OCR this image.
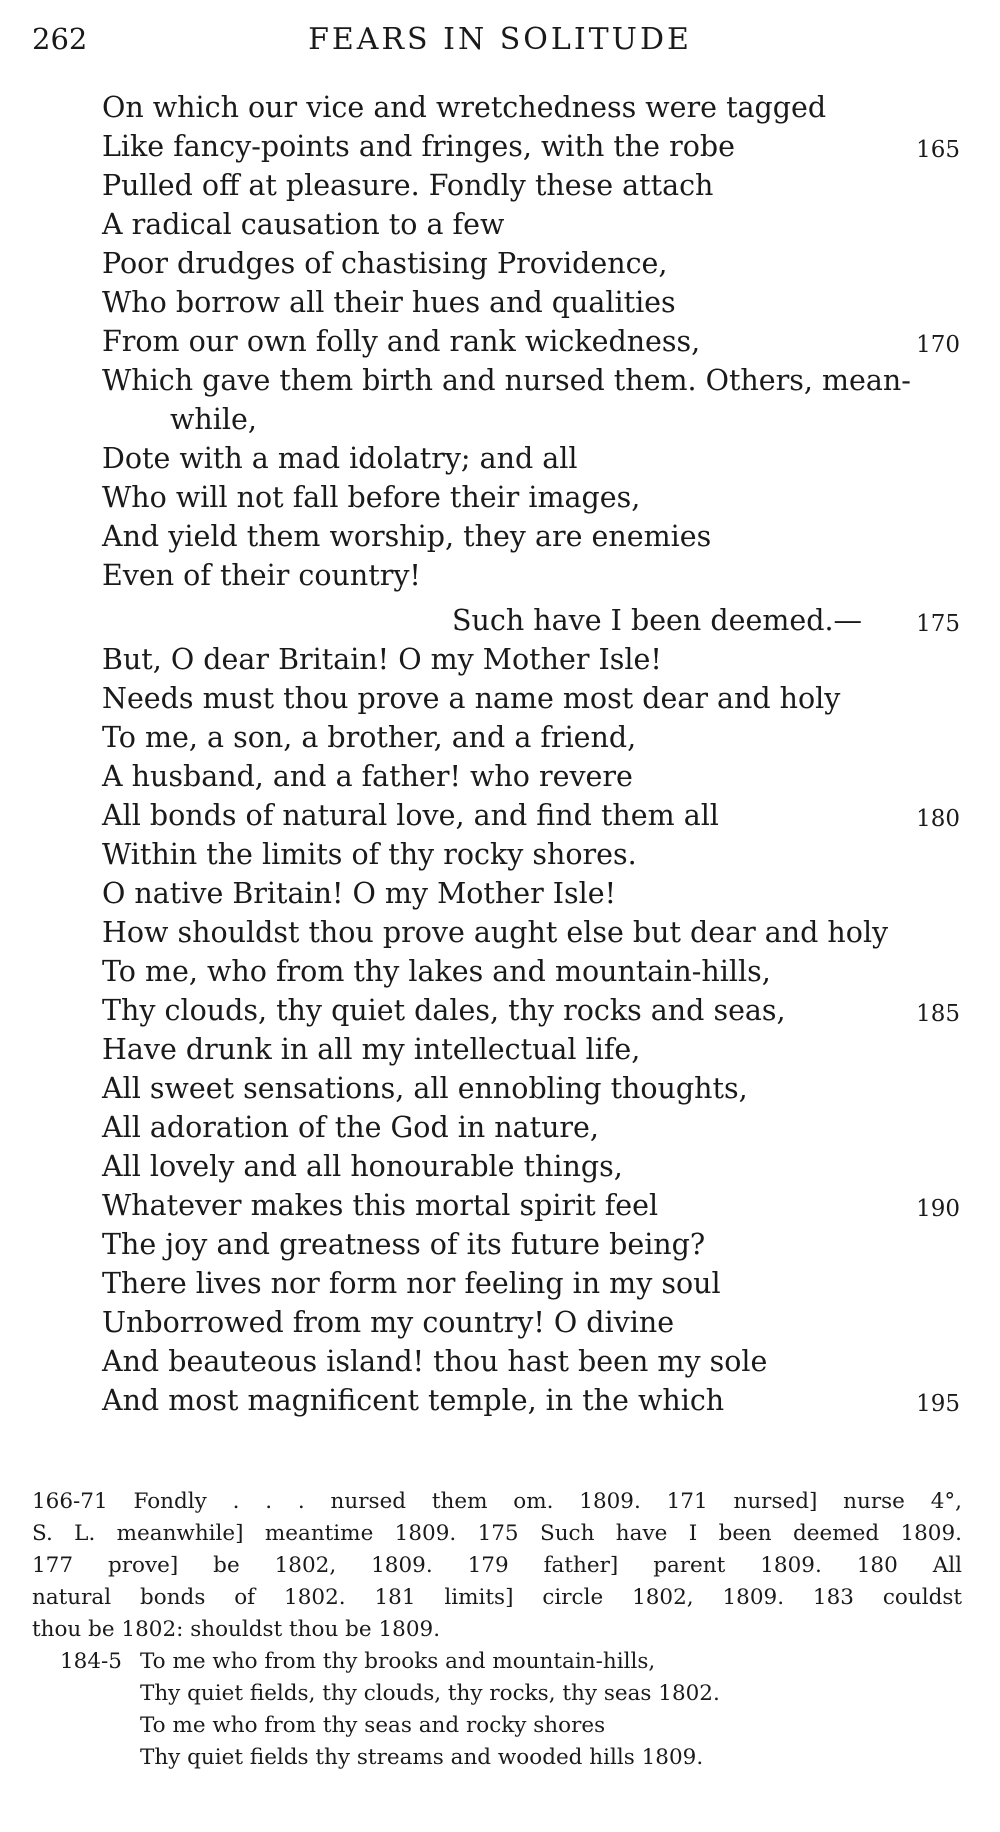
262	FEARS IN SOLITUDE
On which our vice and wretchedness were tagged
Like fancy-points and fringes, with the robe	165
Pulled off at pleasure. Fondly these attach
A radical causation to a few
Poor drudges of chastising Providence,
Who borrow all their hues and qualities
From our own folly and rank wickedness,	170
Which gave them birth and nursed them. Others, mean-
while,
Dote with a mad idolatry; and all
Who will not fall before their images,
And yield them worship, they are enemies
Even of their country!
Such have I been deemed.— 175
But, O dear Britain! O my Mother Isle!
Needs must thou prove a name most dear and holy
To me, a son, a brother, and a friend,
A husband, and a father! who revere
All bonds of natural love, and find them all	180
Within the limits of thy rocky shores.
O native Britain! O my Mother Isle!
How shouldst thou prove aught else but dear and holy
To me, who from thy lakes and mountain-hills,
Thy clouds, thy quiet dales, thy rocks and seas,	185
Have drunk in all my intellectual life,
All sweet sensations, all ennobling thoughts,
All adoration of the God in nature,
All lovely and all honourable things,
Whatever makes this mortal spirit feel	190
The joy and greatness of its future being?
There lives nor form nor feeling in my soul
Unborrowed from my country! O divine
And beauteous island! thou hast been my sole
And most magnificent temple, in the which	195

166-71 Fondly . . . nursed them om. 1809. 171 nursed] nurse 4°,

S. L. meanwhile] meantime 1809. 175 Such have I been deemed 1809.

177 prove] be 1802, 1809. 179 father] parent 1809. 180 All

natural bonds of 1802. 181 limits] circle 1802, 1809. 183 couldst

thou be 1802: shouldst thou be 1809.

184-5 To me who from thy brooks and mountain-hills,
Thy quiet fields, thy clouds, thy rocks, thy seas 1802.
To me who from thy seas and rocky shores
Thy quiet fields thy streams and wooded hills 1809.
